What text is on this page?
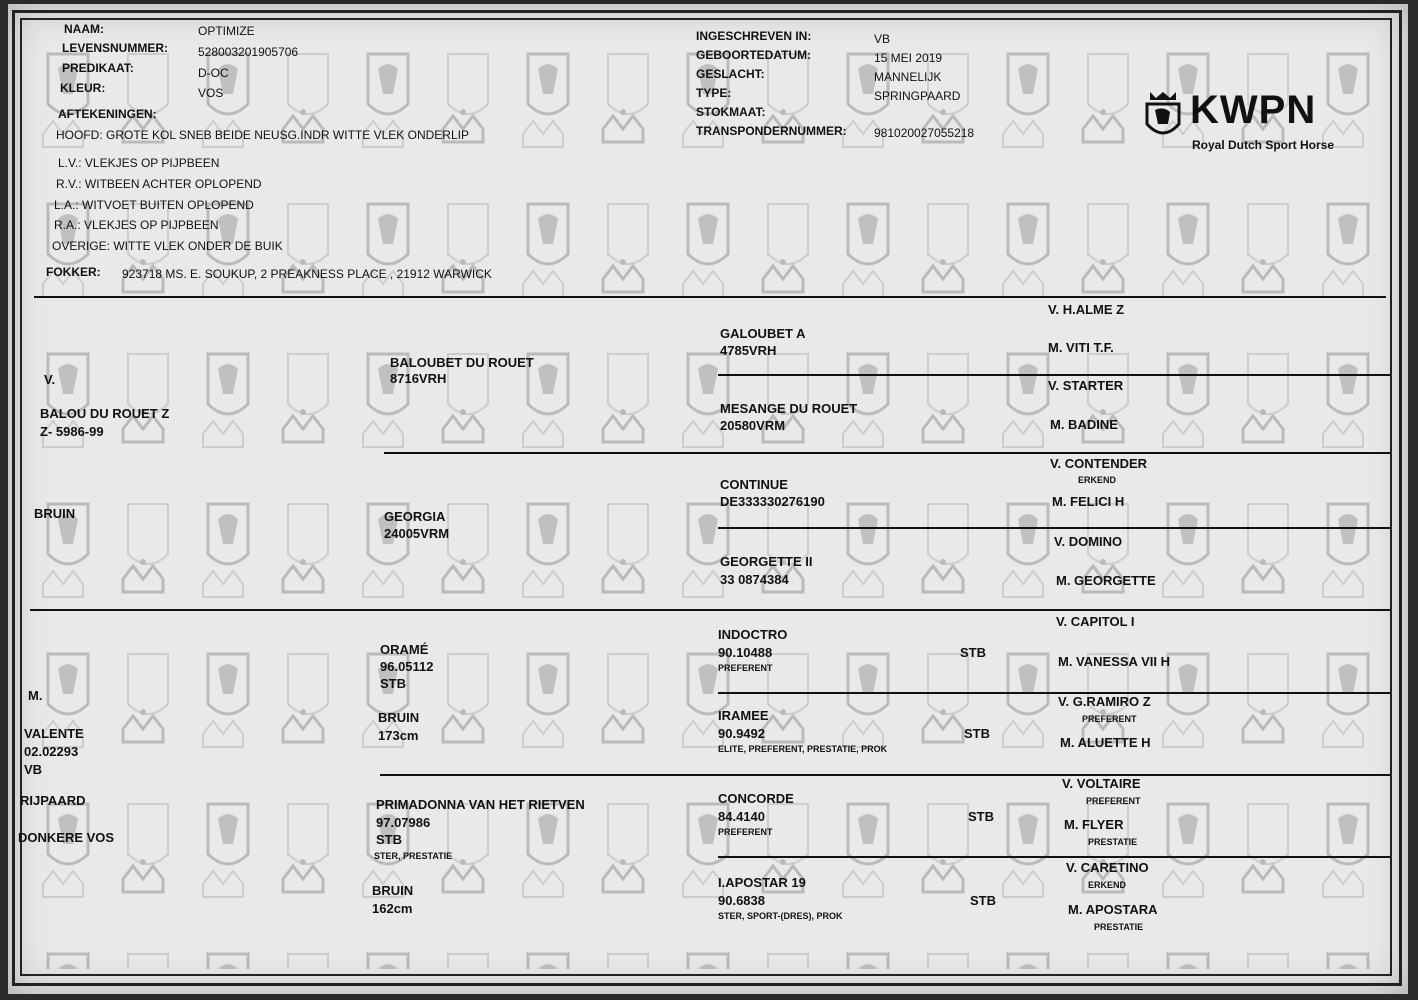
NAAM:	OPTIMIZE
LEVENSNUMMER: 528003201905706
PREDIKAAT:	D-OC
KLEUR:	VOS
AFTEKENINGEN:
HOOFD: GROTE KOL SNEB BEIDE NEUSG.INDR WITTE VLEK ONDERLIP
L.V.: VLEKJES OP PIJPBEEN
R.V.: WITBEEN ACHTER OPLOPEND
L.A.: WITVOET BUITEN OPLOPEND
R.A.: VLEKJES OP PIJPBEEN
OVERIGE: WITTE VLEK ONDER DE BUIK
FOKKER: 923718 MS. E. SOUKUP, 2 PREAKNESS PLACE , 21912 WARWICK
INGESCHREVEN IN:	VB
GEBOORTEDATUM:	15 MEI 2019
GESLACHT:	MANNELIJK
TYPE:	SPRINGPAARD
STOKMAAT:
TRANSPONDERNUMMER: 981020027055218
KWPN
Royal Dutch Sport Horse
V.
BALOU DU ROUET Z
Z- 5986-99
BRUIN
M.
VALENTE
02.02293
VB
RIJPAARD
DONKERE VOS
BALOUBET DU ROUET
8716VRH
GEORGIA
24005VRM
ORAMÉ
96.05112
STB
BRUIN
173cm
PRIMADONNA VAN HET RIETVEN
97.07986
STB
STER, PRESTATIE
BRUIN
162cm
GALOUBET A
4785VRH
MESANGE DU ROUET
20580VRM
CONTINUE
DE333330276190
GEORGETTE II
33 0874384
INDOCTRO
90.10488
PREFERENT
STB
IRAMEE
90.9492
ELITE, PREFERENT, PRESTATIE, PROK
STB
CONCORDE
84.4140
PREFERENT
STB
I.APOSTAR 19
90.6838
STER, SPORT-(DRES), PROK
STB
V. H.ALME Z
M. VITI T.F.
V. STARTER
M. BADINE
V. CONTENDER
ERKEND
M. FELICI H
V. DOMINO
M. GEORGETTE
V. CAPITOL I
M. VANESSA VII H
V. G.RAMIRO Z
PREFERENT
M. ALUETTE H
V. VOLTAIRE
PREFERENT
M. FLYER
PRESTATIE
V. CARETINO
ERKEND
M. APOSTARA
PRESTATIE
